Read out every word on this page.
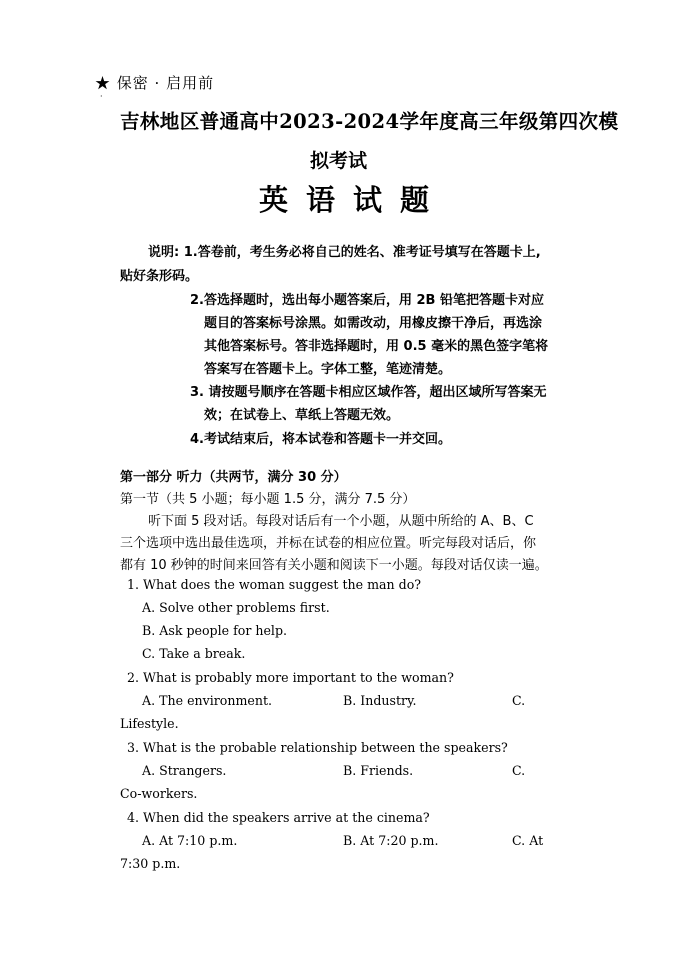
★ 保密 · 启用前
·
吉林地区普通高中2023-2024学年度高三年级第四次模
拟考试
英语试题
说明: 1.答卷前，考生务必将自己的姓名、准考证号填写在答题卡上,
贴好条形码。
2.答选择题时，选出每小题答案后，用 2B 铅笔把答题卡对应
题目的答案标号涂黑。如需改动，用橡皮擦干净后，再选涂
其他答案标号。答非选择题时，用 0.5 毫米的黑色签字笔将
答案写在答题卡上。字体工整，笔迹清楚。
3. 请按题号顺序在答题卡相应区域作答，超出区域所写答案无
效；在试卷上、草纸上答题无效。
4.考试结束后，将本试卷和答题卡一并交回。
第一部分 听力（共两节，满分 30 分）
第一节（共 5 小题；每小题 1.5 分，满分 7.5 分）
听下面 5 段对话。每段对话后有一个小题，从题中所给的 A、B、C
三个选项中选出最佳选项，并标在试卷的相应位置。听完每段对话后，你
都有 10 秒钟的时间来回答有关小题和阅读下一小题。每段对话仅读一遍。
1. What does the woman suggest the man do?
A. Solve other problems first.
B. Ask people for help.
C. Take a break.
2. What is probably more important to the woman?
A. The environment.	B. Industry.	C.
Lifestyle.
3. What is the probable relationship between the speakers?
A. Strangers.	B. Friends.	C.
Co-workers.
4. When did the speakers arrive at the cinema?
A. At 7:10 p.m.	B. At 7:20 p.m.	C. At
7:30 p.m.
